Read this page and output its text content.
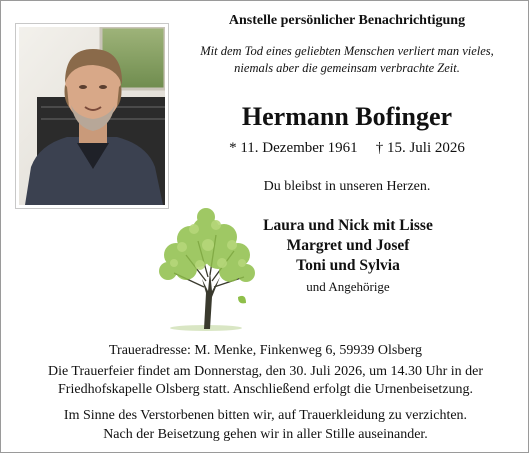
Anstelle persönlicher Benachrichtigung
Mit dem Tod eines geliebten Menschen verliert man vieles,
niemals aber die gemeinsam verbrachte Zeit.
Hermann Bofinger
* 11. Dezember 1961 † 15. Juli 2026
Du bleibst in unseren Herzen.
Laura und Nick mit Lisse
Margret und Josef
Toni und Sylvia
und Angehörige
Traueradresse: M. Menke, Finkenweg 6, 59939 Olsberg
Die Trauerfeier findet am Donnerstag, den 30. Juli 2026, um 14.30 Uhr in der
Friedhofskapelle Olsberg statt. Anschließend erfolgt die Urnenbeisetzung.
Im Sinne des Verstorbenen bitten wir, auf Trauerkleidung zu verzichten.
Nach der Beisetzung gehen wir in aller Stille auseinander.
